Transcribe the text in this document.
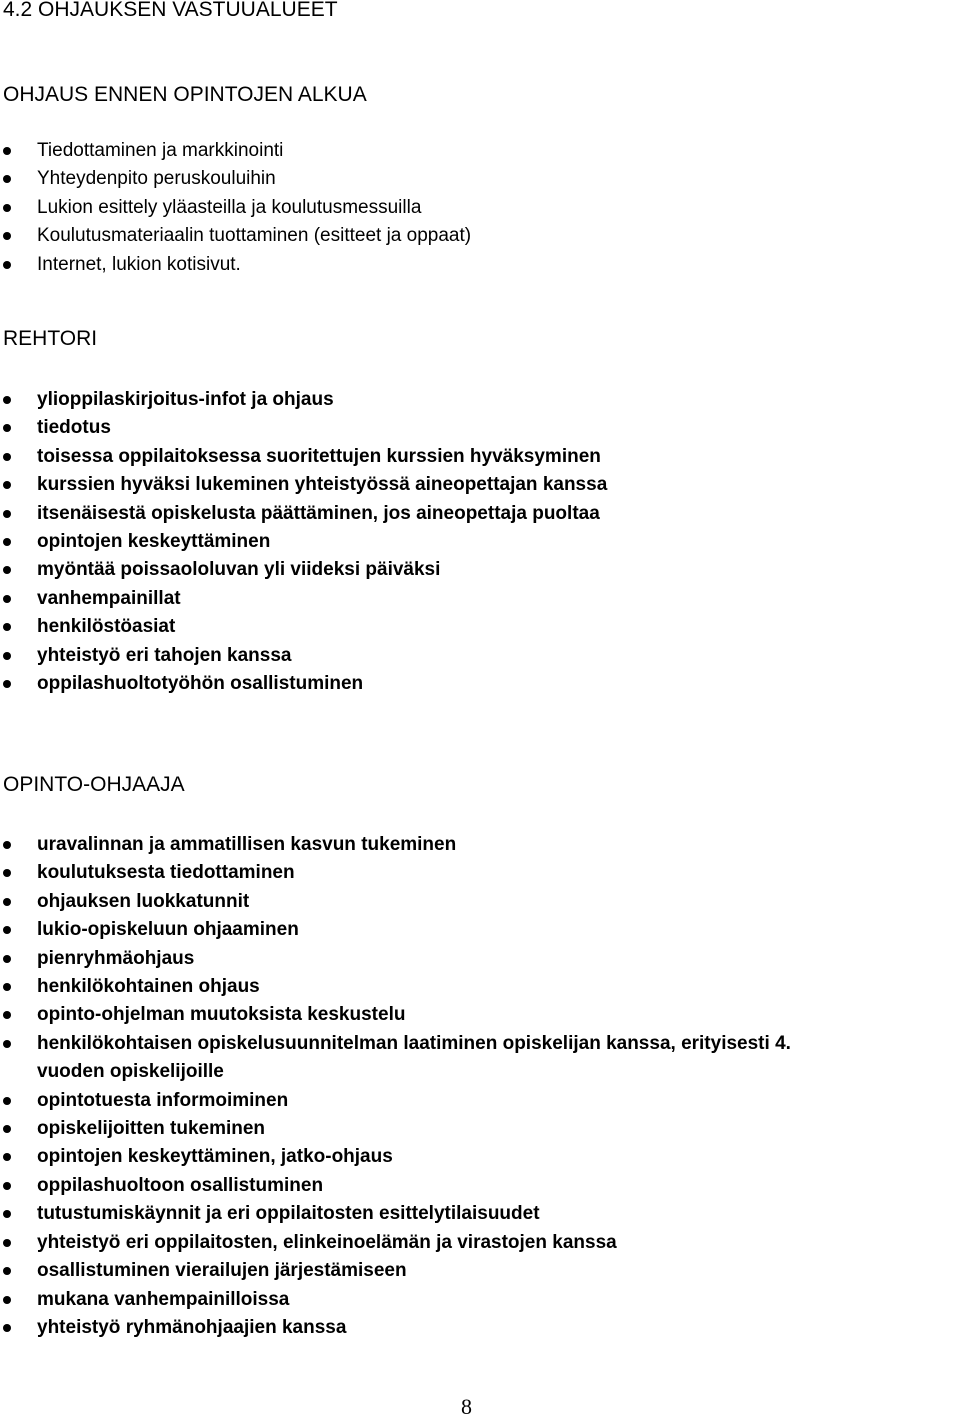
4.2 OHJAUKSEN VASTUUALUEET
OHJAUS ENNEN OPINTOJEN ALKUA
Tiedottaminen ja markkinointi
Yhteydenpito peruskouluihin
Lukion esittely yläasteilla ja koulutusmessuilla
Koulutusmateriaalin tuottaminen (esitteet ja oppaat)
Internet, lukion kotisivut.
REHTORI
ylioppilaskirjoitus-infot ja ohjaus
tiedotus
toisessa oppilaitoksessa suoritettujen kurssien hyväksyminen
kurssien hyväksi lukeminen yhteistyössä aineopettajan kanssa
itsenäisestä opiskelusta päättäminen, jos aineopettaja puoltaa
opintojen keskeyttäminen
myöntää poissaololuvan yli viideksi päiväksi
vanhempainillat
henkilöstöasiat
yhteistyö eri tahojen kanssa
oppilashuoltotyöhön osallistuminen
OPINTO-OHJAAJA
uravalinnan ja ammatillisen kasvun tukeminen
koulutuksesta tiedottaminen
ohjauksen luokkatunnit
lukio-opiskeluun ohjaaminen
pienryhmäohjaus
henkilökohtainen ohjaus
opinto-ohjelman muutoksista keskustelu
henkilökohtaisen opiskelusuunnitelman laatiminen opiskelijan kanssa, erityisesti 4.
vuoden opiskelijoille
opintotuesta informoiminen
opiskelijoitten tukeminen
opintojen keskeyttäminen, jatko-ohjaus
oppilashuoltoon osallistuminen
tutustumiskäynnit ja eri oppilaitosten esittelytilaisuudet
yhteistyö eri oppilaitosten, elinkeinoelämän ja virastojen kanssa
osallistuminen vierailujen järjestämiseen
mukana vanhempainilloissa
yhteistyö ryhmänohjaajien kanssa
8
